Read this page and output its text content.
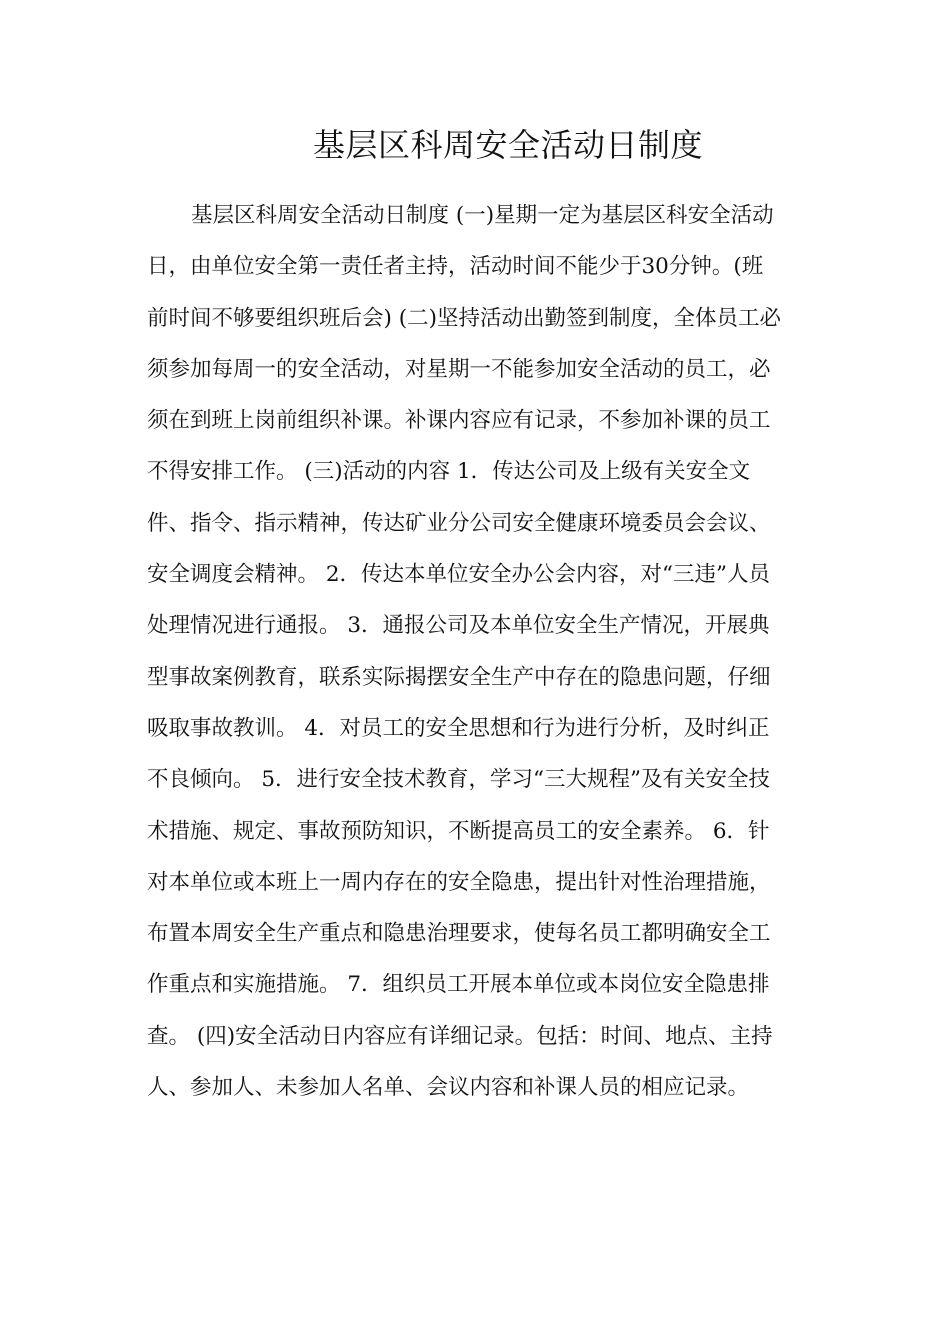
基层区科周安全活动日制度
基层区科周安全活动日制度 (一)星期一定为基层区科安全活动
日，由单位安全第一责任者主持，活动时间不能少于30分钟。(班
前时间不够要组织班后会) (二)坚持活动出勤签到制度，全体员工必
须参加每周一的安全活动，对星期一不能参加安全活动的员工，必
须在到班上岗前组织补课。补课内容应有记录，不参加补课的员工
不得安排工作。 (三)活动的内容 1．传达公司及上级有关安全文
件、指令、指示精神，传达矿业分公司安全健康环境委员会会议、
安全调度会精神。 2．传达本单位安全办公会内容，对“三违”人员
处理情况进行通报。 3．通报公司及本单位安全生产情况，开展典
型事故案例教育，联系实际揭摆安全生产中存在的隐患问题，仔细
吸取事故教训。 4．对员工的安全思想和行为进行分析，及时纠正
不良倾向。 5．进行安全技术教育，学习“三大规程”及有关安全技
术措施、规定、事故预防知识，不断提高员工的安全素养。 6．针
对本单位或本班上一周内存在的安全隐患，提出针对性治理措施，
布置本周安全生产重点和隐患治理要求，使每名员工都明确安全工
作重点和实施措施。 7．组织员工开展本单位或本岗位安全隐患排
查。 (四)安全活动日内容应有详细记录。包括：时间、地点、主持
人、参加人、未参加人名单、会议内容和补课人员的相应记录。
